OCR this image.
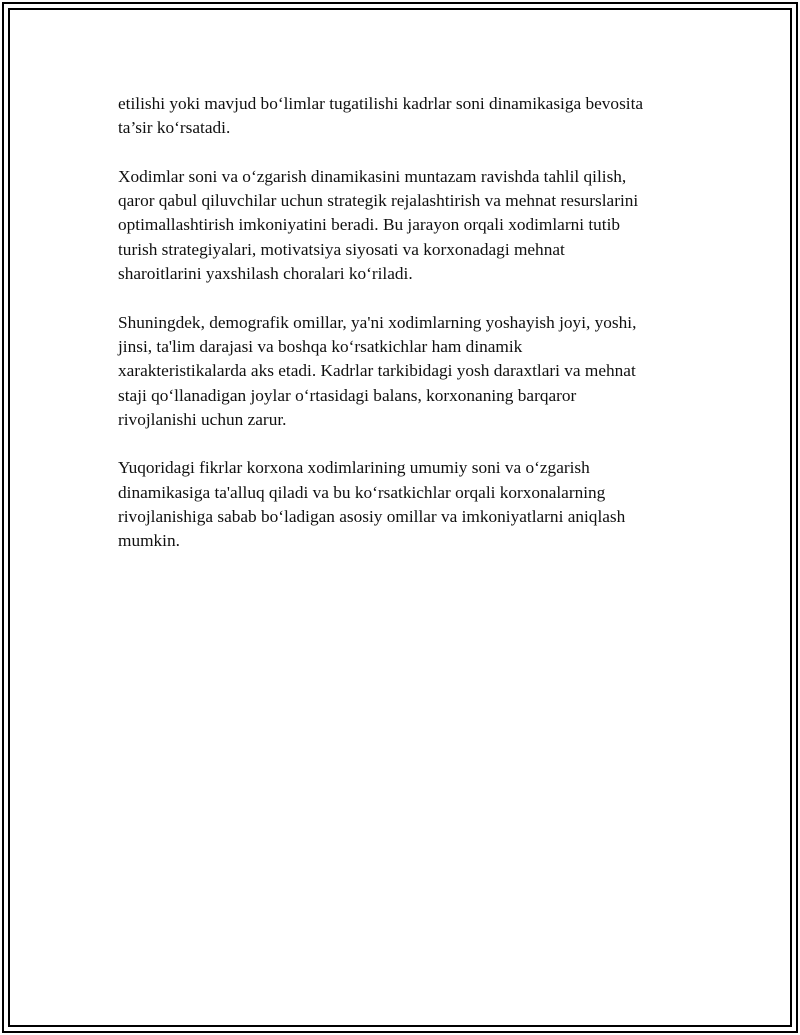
etilishi yoki mavjud bo‘limlar tugatilishi kadrlar soni dinamikasiga bevosita
ta’sir ko‘rsatadi.

Xodimlar soni va o‘zgarish dinamikasini muntazam ravishda tahlil qilish,
qaror qabul qiluvchilar uchun strategik rejalashtirish va mehnat resurslarini
optimallashtirish imkoniyatini beradi. Bu jarayon orqali xodimlarni tutib
turish strategiyalari, motivatsiya siyosati va korxonadagi mehnat
sharoitlarini yaxshilash choralari ko‘riladi.

Shuningdek, demografik omillar, ya'ni xodimlarning yoshayish joyi, yoshi,
jinsi, ta'lim darajasi va boshqa ko‘rsatkichlar ham dinamik
xarakteristikalarda aks etadi. Kadrlar tarkibidagi yosh daraxtlari va mehnat
staji qo‘llanadigan joylar o‘rtasidagi balans, korxonaning barqaror
rivojlanishi uchun zarur.

Yuqoridagi fikrlar korxona xodimlarining umumiy soni va o‘zgarish
dinamikasiga ta'alluq qiladi va bu ko‘rsatkichlar orqali korxonalarning
rivojlanishiga sabab bo‘ladigan asosiy omillar va imkoniyatlarni aniqlash
mumkin.
